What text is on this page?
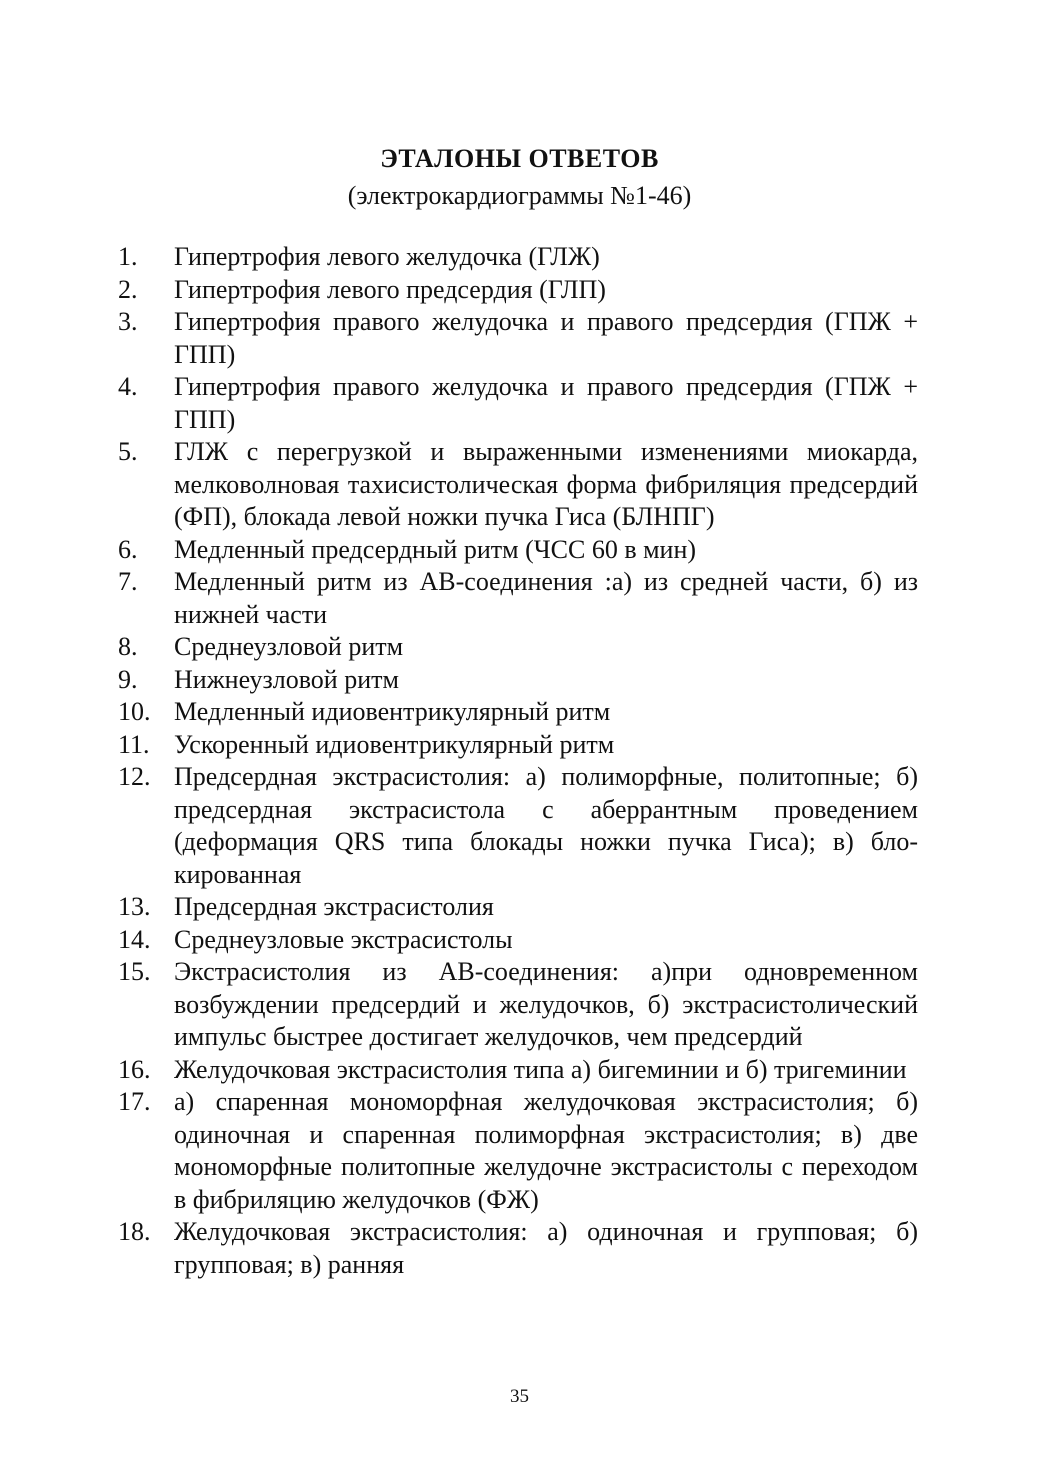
ЭТАЛОНЫ ОТВЕТОВ
(электрокардиограммы №1-46)
1. Гипертрофия левого желудочка (ГЛЖ)
2. Гипертрофия левого предсердия (ГЛП)
3. Гипертрофия правого желудочка и правого предсердия (ГПЖ + ГПП)
4. Гипертрофия правого желудочка и правого предсердия (ГПЖ + ГПП)
5. ГЛЖ с перегрузкой и выраженными изменениями миокарда, мелковолновая тахисистолическая форма фибриляция предсердий (ФП), блокада левой ножки пучка Гиса (БЛНПГ)
6. Медленный предсердный ритм (ЧСС 60 в мин)
7. Медленный ритм из АВ-соединения :а) из средней части, б) из нижней части
8. Среднеузловой ритм
9. Нижнеузловой ритм
10. Медленный идиовентрикулярный ритм
11. Ускоренный идиовентрикулярный ритм
12. Предсердная экстрасистолия: а) полиморфные, политопные; б) предсердная экстрасистола с аберрантным проведением (деформация QRS типа блокады ножки пучка Гиса); в) блокированная
13. Предсердная экстрасистолия
14. Среднеузловые экстрасистолы
15. Экстрасистолия из АВ-соединения: а)при одновременном возбуждении предсердий и желудочков, б) экстрасистолический импульс быстрее достигает желудочков, чем предсердий
16. Желудочковая экстрасистолия типа а) бигеминии и б) тригеминии
17. а) спаренная мономорфная желудочковая экстрасистолия; б) одиночная и спаренная полиморфная экстрасистолия; в) две мономорфные политопные желудочне экстрасистолы с переходом в фибриляцию желудочков (ФЖ)
18. Желудочковая экстрасистолия: а) одиночная и групповая; б) групповая; в) ранняя
35
